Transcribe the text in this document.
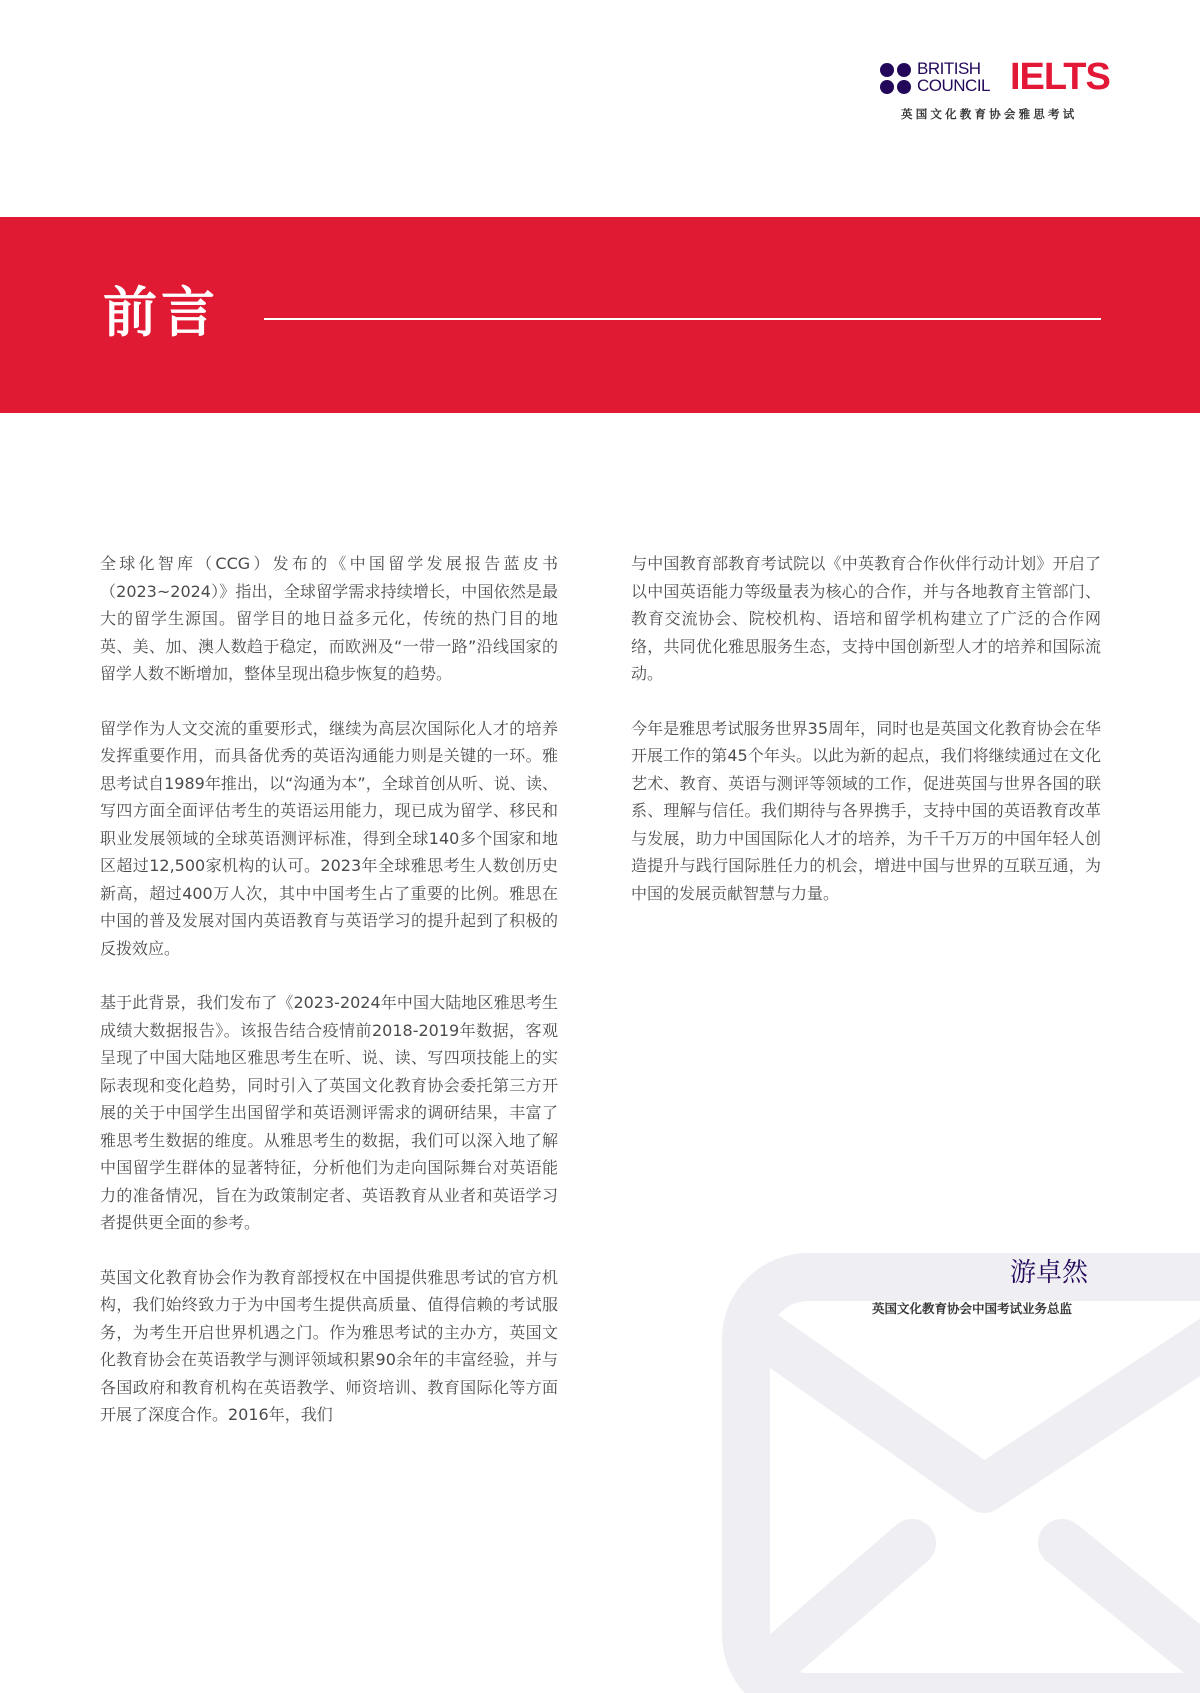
BRITISH
COUNCIL IELTS
英国文化教育协会雅思考试
前言

全球化智库（CCG）发布的《中国留学发展报告蓝皮书（2023~2024）》指出，全球留学需求持续增长，中国依然是最大的留学生源国。留学目的地日益多元化，传统的热门目的地英、美、加、澳人数趋于稳定，而欧洲及“一带一路”沿线国家的留学人数不断增加，整体呈现出稳步恢复的趋势。

留学作为人文交流的重要形式，继续为高层次国际化人才的培养发挥重要作用，而具备优秀的英语沟通能力则是关键的一环。雅思考试自1989年推出，以“沟通为本”，全球首创从听、说、读、写四方面全面评估考生的英语运用能力，现已成为留学、移民和职业发展领域的全球英语测评标准，得到全球140多个国家和地区超过12,500家机构的认可。2023年全球雅思考生人数创历史新高，超过400万人次，其中中国考生占了重要的比例。雅思在中国的普及发展对国内英语教育与英语学习的提升起到了积极的反拨效应。

基于此背景，我们发布了《2023-2024年中国大陆地区雅思考生成绩大数据报告》。该报告结合疫情前2018-2019年数据，客观呈现了中国大陆地区雅思考生在听、说、读、写四项技能上的实际表现和变化趋势，同时引入了英国文化教育协会委托第三方开展的关于中国学生出国留学和英语测评需求的调研结果，丰富了雅思考生数据的维度。从雅思考生的数据，我们可以深入地了解中国留学生群体的显著特征，分析他们为走向国际舞台对英语能力的准备情况，旨在为政策制定者、英语教育从业者和英语学习者提供更全面的参考。

英国文化教育协会作为教育部授权在中国提供雅思考试的官方机构，我们始终致力于为中国考生提供高质量、值得信赖的考试服务，为考生开启世界机遇之门。作为雅思考试的主办方，英国文化教育协会在英语教学与测评领域积累90余年的丰富经验，并与各国政府和教育机构在英语教学、师资培训、教育国际化等方面开展了深度合作。2016年，我们

与中国教育部教育考试院以《中英教育合作伙伴行动计划》开启了以中国英语能力等级量表为核心的合作，并与各地教育主管部门、教育交流协会、院校机构、语培和留学机构建立了广泛的合作网络，共同优化雅思服务生态，支持中国创新型人才的培养和国际流动。

今年是雅思考试服务世界35周年，同时也是英国文化教育协会在华开展工作的第45个年头。以此为新的起点，我们将继续通过在文化艺术、教育、英语与测评等领域的工作，促进英国与世界各国的联系、理解与信任。我们期待与各界携手，支持中国的英语教育改革与发展，助力中国国际化人才的培养，为千千万万的中国年轻人创造提升与践行国际胜任力的机会，增进中国与世界的互联互通，为中国的发展贡献智慧与力量。

游卓然
英国文化教育协会中国考试业务总监
